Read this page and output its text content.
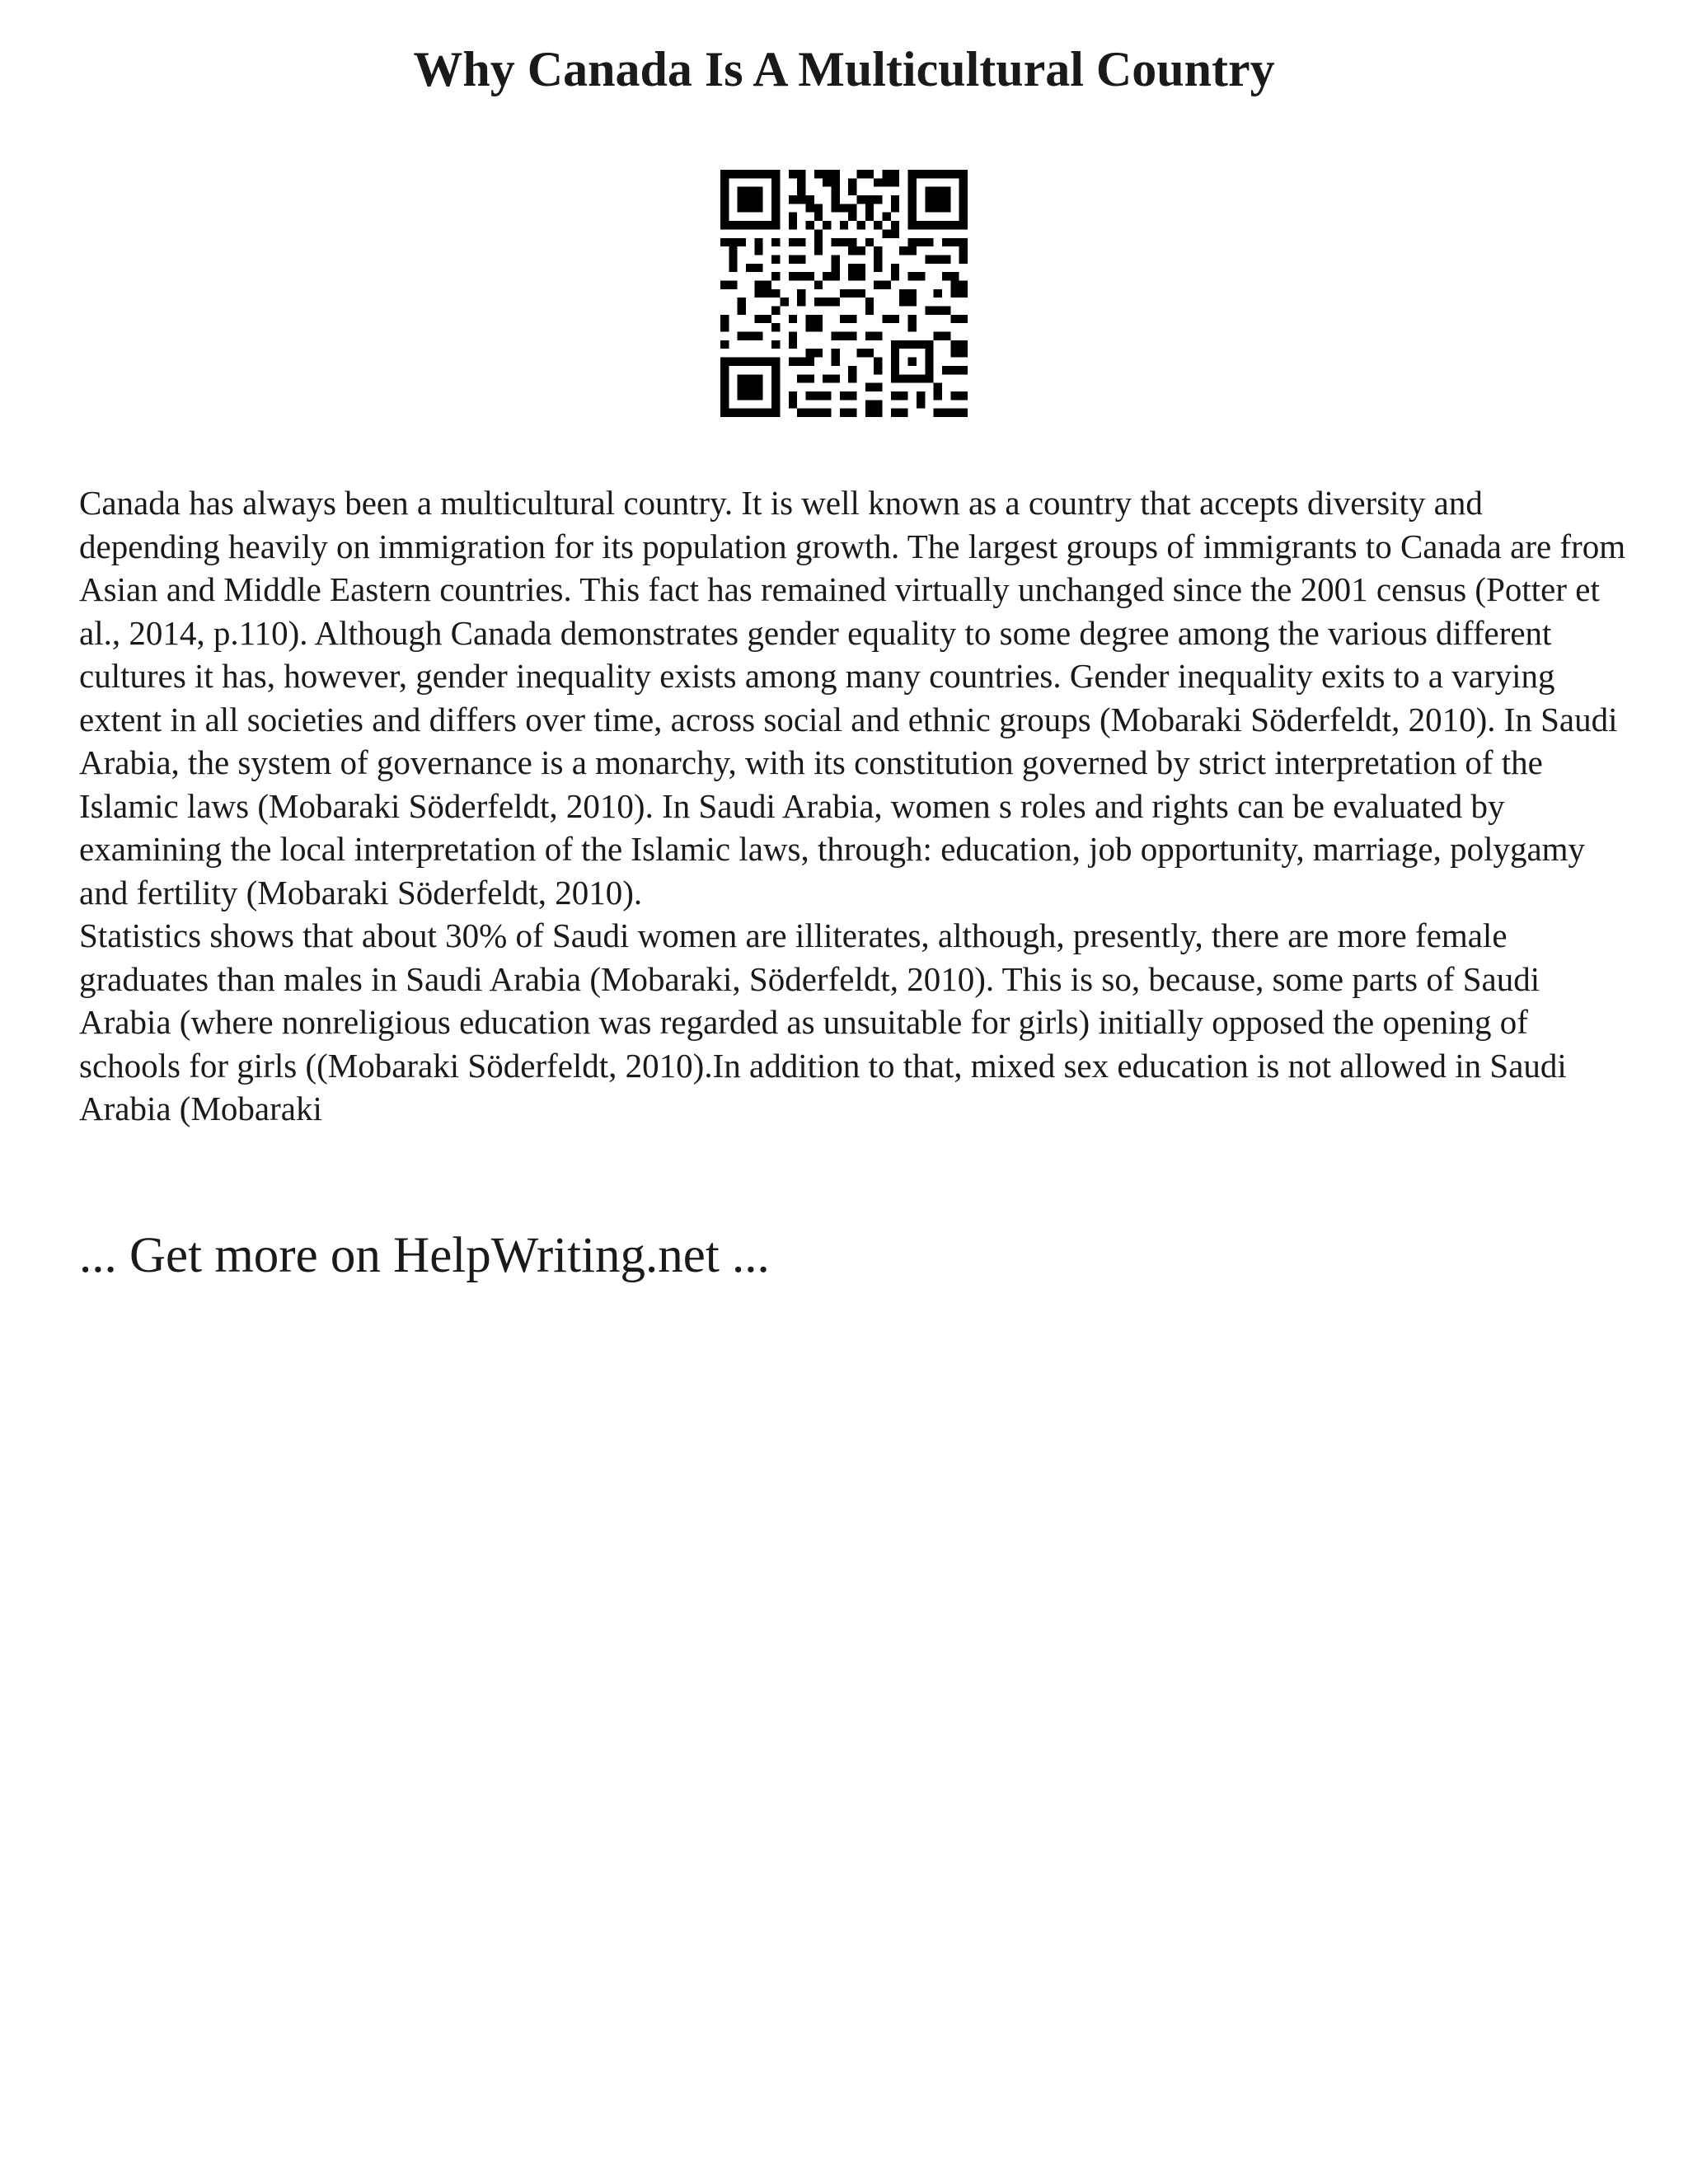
Why Canada Is A Multicultural Country

Canada has always been a multicultural country. It is well known as a country that accepts diversity and depending heavily on immigration for its population growth. The largest groups of immigrants to Canada are from Asian and Middle Eastern countries. This fact has remained virtually unchanged since the 2001 census (Potter et al., 2014, p.110). Although Canada demonstrates gender equality to some degree among the various different cultures it has, however, gender inequality exists among many countries. Gender inequality exits to a varying extent in all societies and differs over time, across social and ethnic groups (Mobaraki Söderfeldt, 2010). In Saudi Arabia, the system of governance is a monarchy, with its constitution governed by strict interpretation of the Islamic laws (Mobaraki Söderfeldt, 2010). In Saudi Arabia, women s roles and rights can be evaluated by examining the local interpretation of the Islamic laws, through: education, job opportunity, marriage, polygamy and fertility (Mobaraki Söderfeldt, 2010).

Statistics shows that about 30% of Saudi women are illiterates, although, presently, there are more female graduates than males in Saudi Arabia (Mobaraki, Söderfeldt, 2010). This is so, because, some parts of Saudi Arabia (where nonreligious education was regarded as unsuitable for girls) initially opposed the opening of schools for girls ((Mobaraki Söderfeldt, 2010).In addition to that, mixed sex education is not allowed in Saudi Arabia (Mobaraki

... Get more on HelpWriting.net ...
